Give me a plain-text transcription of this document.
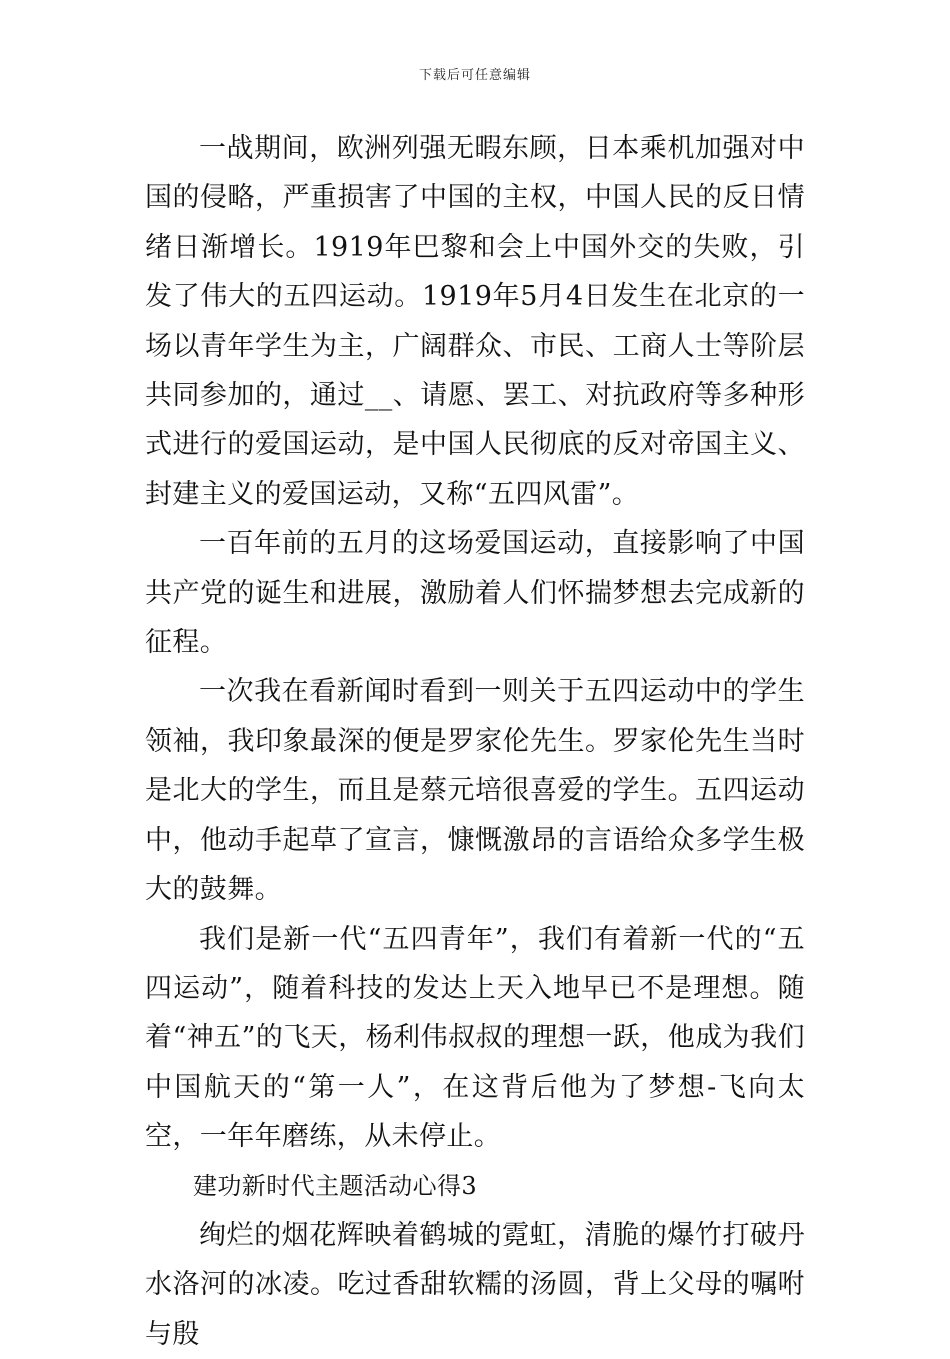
下载后可任意编辑

一战期间，欧洲列强无暇东顾，日本乘机加强对中国的侵略，严重损害了中国的主权，中国人民的反日情绪日渐增长。1919年巴黎和会上中国外交的失败，引发了伟大的五四运动。1919年5月4日发生在北京的一场以青年学生为主，广阔群众、市民、工商人士等阶层共同参加的，通过__、请愿、罢工、对抗政府等多种形式进行的爱国运动，是中国人民彻底的反对帝国主义、封建主义的爱国运动，又称“五四风雷”。

一百年前的五月的这场爱国运动，直接影响了中国共产党的诞生和进展，激励着人们怀揣梦想去完成新的征程。

一次我在看新闻时看到一则关于五四运动中的学生领袖，我印象最深的便是罗家伦先生。罗家伦先生当时是北大的学生，而且是蔡元培很喜爱的学生。五四运动中，他动手起草了宣言，慷慨激昂的言语给众多学生极大的鼓舞。

我们是新一代“五四青年”，我们有着新一代的“五四运动”，随着科技的发达上天入地早已不是理想。随着“神五”的飞天，杨利伟叔叔的理想一跃，他成为我们中国航天的“第一人”，在这背后他为了梦想-飞向太空，一年年磨练，从未停止。

建功新时代主题活动心得3

绚烂的烟花辉映着鹤城的霓虹，清脆的爆竹打破丹水洛河的冰凌。吃过香甜软糯的汤圆，背上父母的嘱咐与殷
